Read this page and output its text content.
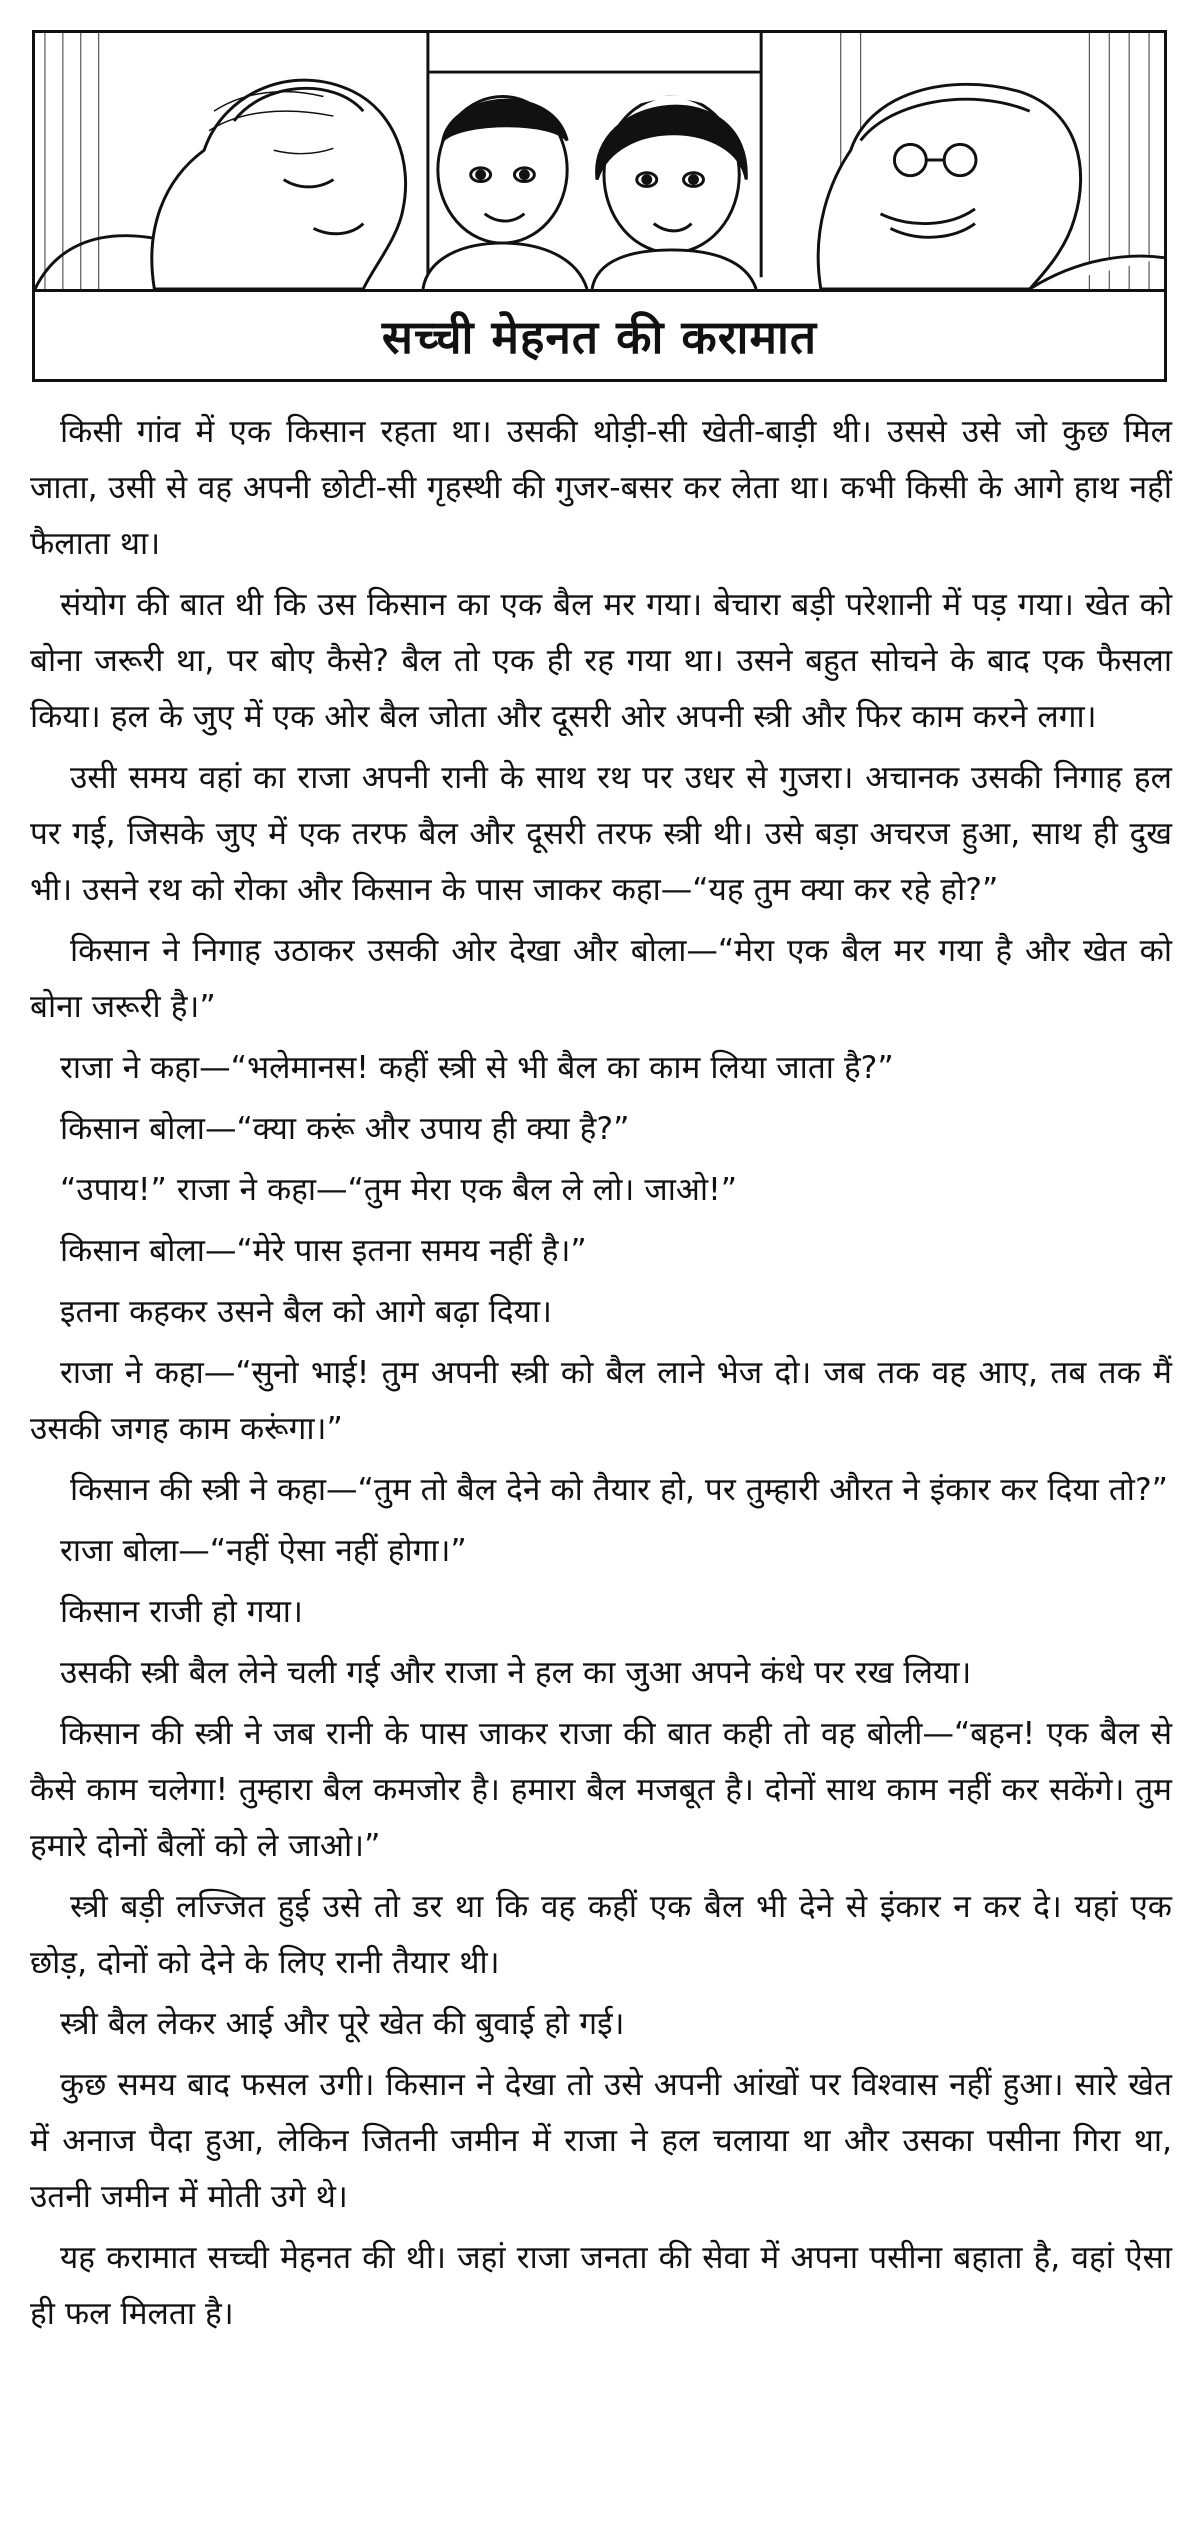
सच्ची मेहनत की करामात

किसी गांव में एक किसान रहता था। उसकी थोड़ी-सी खेती-बाड़ी थी। उससे उसे जो कुछ मिल जाता, उसी से वह अपनी छोटी-सी गृहस्थी की गुजर-बसर कर लेता था। कभी किसी के आगे हाथ नहीं फैलाता था।

संयोग की बात थी कि उस किसान का एक बैल मर गया। बेचारा बड़ी परेशानी में पड़ गया। खेत को बोना जरूरी था, पर बोए कैसे? बैल तो एक ही रह गया था। उसने बहुत सोचने के बाद एक फैसला किया। हल के जुए में एक ओर बैल जोता और दूसरी ओर अपनी स्त्री और फिर काम करने लगा।

उसी समय वहां का राजा अपनी रानी के साथ रथ पर उधर से गुजरा। अचानक उसकी निगाह हल पर गई, जिसके जुए में एक तरफ बैल और दूसरी तरफ स्त्री थी। उसे बड़ा अचरज हुआ, साथ ही दुख भी। उसने रथ को रोका और किसान के पास जाकर कहा—“यह तुम क्या कर रहे हो?”

किसान ने निगाह उठाकर उसकी ओर देखा और बोला—“मेरा एक बैल मर गया है और खेत को बोना जरूरी है।”

राजा ने कहा—“भलेमानस! कहीं स्त्री से भी बैल का काम लिया जाता है?”

किसान बोला—“क्या करूं और उपाय ही क्या है?”

“उपाय!” राजा ने कहा—“तुम मेरा एक बैल ले लो। जाओ!”

किसान बोला—“मेरे पास इतना समय नहीं है।”

इतना कहकर उसने बैल को आगे बढ़ा दिया।

राजा ने कहा—“सुनो भाई! तुम अपनी स्त्री को बैल लाने भेज दो। जब तक वह आए, तब तक मैं उसकी जगह काम करूंगा।”

किसान की स्त्री ने कहा—“तुम तो बैल देने को तैयार हो, पर तुम्हारी औरत ने इंकार कर दिया तो?”

राजा बोला—“नहीं ऐसा नहीं होगा।”

किसान राजी हो गया।

उसकी स्त्री बैल लेने चली गई और राजा ने हल का जुआ अपने कंधे पर रख लिया।

किसान की स्त्री ने जब रानी के पास जाकर राजा की बात कही तो वह बोली—“बहन! एक बैल से कैसे काम चलेगा! तुम्हारा बैल कमजोर है। हमारा बैल मजबूत है। दोनों साथ काम नहीं कर सकेंगे। तुम हमारे दोनों बैलों को ले जाओ।”

स्त्री बड़ी लज्जित हुई उसे तो डर था कि वह कहीं एक बैल भी देने से इंकार न कर दे। यहां एक छोड़, दोनों को देने के लिए रानी तैयार थी।

स्त्री बैल लेकर आई और पूरे खेत की बुवाई हो गई।

कुछ समय बाद फसल उगी। किसान ने देखा तो उसे अपनी आंखों पर विश्वास नहीं हुआ। सारे खेत में अनाज पैदा हुआ, लेकिन जितनी जमीन में राजा ने हल चलाया था और उसका पसीना गिरा था, उतनी जमीन में मोती उगे थे।

यह करामात सच्ची मेहनत की थी। जहां राजा जनता की सेवा में अपना पसीना बहाता है, वहां ऐसा ही फल मिलता है।
